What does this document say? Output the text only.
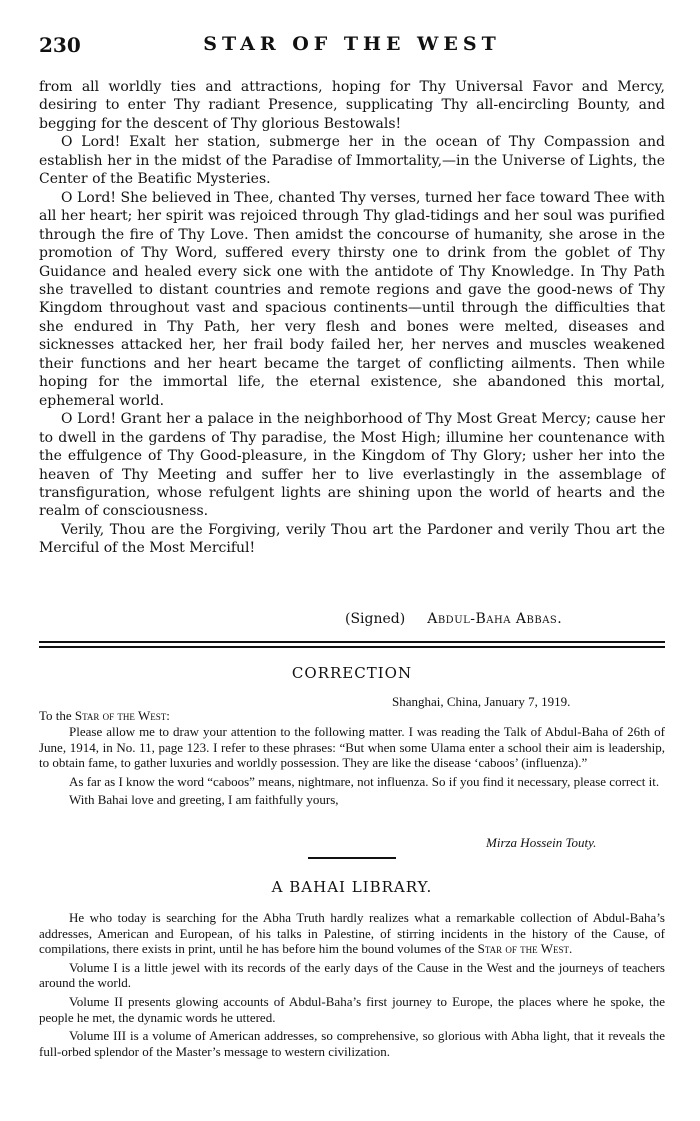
230	STAR OF THE WEST

from all worldly ties and attractions, hoping for Thy Universal Favor and Mercy, desiring to enter Thy radiant Presence, supplicating Thy all-encircling Bounty, and begging for the descent of Thy glorious Bestowals!

O Lord! Exalt her station, submerge her in the ocean of Thy Compassion and establish her in the midst of the Paradise of Immortality,—in the Universe of Lights, the Center of the Beatific Mysteries.

O Lord! She believed in Thee, chanted Thy verses, turned her face toward Thee with all her heart; her spirit was rejoiced through Thy glad-tidings and her soul was purified through the fire of Thy Love. Then amidst the concourse of humanity, she arose in the promotion of Thy Word, suffered every thirsty one to drink from the goblet of Thy Guidance and healed every sick one with the antidote of Thy Knowledge. In Thy Path she travelled to distant countries and remote regions and gave the good-news of Thy Kingdom throughout vast and spacious continents—until through the difficulties that she endured in Thy Path, her very flesh and bones were melted, diseases and sicknesses attacked her, her frail body failed her, her nerves and muscles weakened their functions and her heart became the target of conflicting ailments. Then while hoping for the immortal life, the eternal existence, she abandoned this mortal, ephemeral world.

O Lord! Grant her a palace in the neighborhood of Thy Most Great Mercy; cause her to dwell in the gardens of Thy paradise, the Most High; illumine her countenance with the effulgence of Thy Good-pleasure, in the Kingdom of Thy Glory; usher her into the heaven of Thy Meeting and suffer her to live everlastingly in the assemblage of transfiguration, whose refulgent lights are shining upon the world of hearts and the realm of consciousness.

Verily, Thou are the Forgiving, verily Thou art the Pardoner and verily Thou art the Merciful of the Most Merciful!

(Signed) Abdul-Baha Abbas.
CORRECTION
Shanghai, China, January 7, 1919.
To the Star of the West:

Please allow me to draw your attention to the following matter. I was reading the Talk of Abdul-Baha of 26th of June, 1914, in No. 11, page 123. I refer to these phrases: “But when some Ulama enter a school their aim is leadership, to obtain fame, to gather luxuries and worldly possession. They are like the disease ‘caboos’ (influenza).”

As far as I know the word “caboos” means, nightmare, not influenza. So if you find it necessary, please correct it.

With Bahai love and greeting, I am faithfully yours,

Mirza Hossein Touty.
A BAHAI LIBRARY.

He who today is searching for the Abha Truth hardly realizes what a remarkable collection of Abdul-Baha’s addresses, American and European, of his talks in Palestine, of stirring incidents in the history of the Cause, of compilations, there exists in print, until he has before him the bound volumes of the Star of the West.

Volume I is a little jewel with its records of the early days of the Cause in the West and the journeys of teachers around the world.

Volume II presents glowing accounts of Abdul-Baha’s first journey to Europe, the places where he spoke, the people he met, the dynamic words he uttered.

Volume III is a volume of American addresses, so comprehensive, so glorious with Abha light, that it reveals the full-orbed splendor of the Master’s message to western civilization.
